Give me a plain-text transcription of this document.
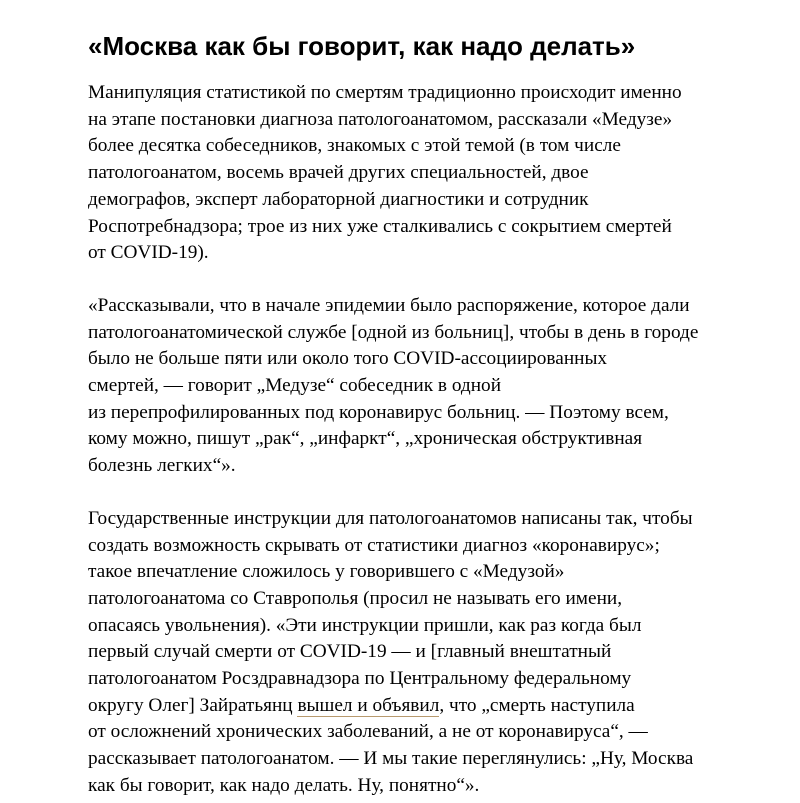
«Москва как бы говорит, как надо делать»

Манипуляция статистикой по смертям традиционно происходит именно
на этапе постановки диагноза патологоанатомом, рассказали «Медузе»
более десятка собеседников, знакомых с этой темой (в том числе
патологоанатом, восемь врачей других специальностей, двое
демографов, эксперт лабораторной диагностики и сотрудник
Роспотребнадзора; трое из них уже сталкивались с сокрытием смертей
от COVID-19).

«Рассказывали, что в начале эпидемии было распоряжение, которое дали
патологоанатомической службе [одной из больниц], чтобы в день в городе
было не больше пяти или около того COVID-ассоциированных
смертей, — говорит „Медузе“ собеседник в одной
из перепрофилированных под коронавирус больниц. — Поэтому всем,
кому можно, пишут „рак“, „инфаркт“, „хроническая обструктивная
болезнь легких“».

Государственные инструкции для патологоанатомов написаны так, чтобы
создать возможность скрывать от статистики диагноз «коронавирус»;
такое впечатление сложилось у говорившего с «Медузой»
патологоанатома со Ставрополья (просил не называть его имени,
опасаясь увольнения). «Эти инструкции пришли, как раз когда был
первый случай смерти от COVID-19 — и [главный внештатный
патологоанатом Росздравнадзора по Центральному федеральному
округу Олег] Зайратьянц вышел и объявил, что „смерть наступила
от осложнений хронических заболеваний, а не от коронавируса“, —
рассказывает патологоанатом. — И мы такие переглянулись: „Ну, Москва
как бы говорит, как надо делать. Ну, понятно“».
